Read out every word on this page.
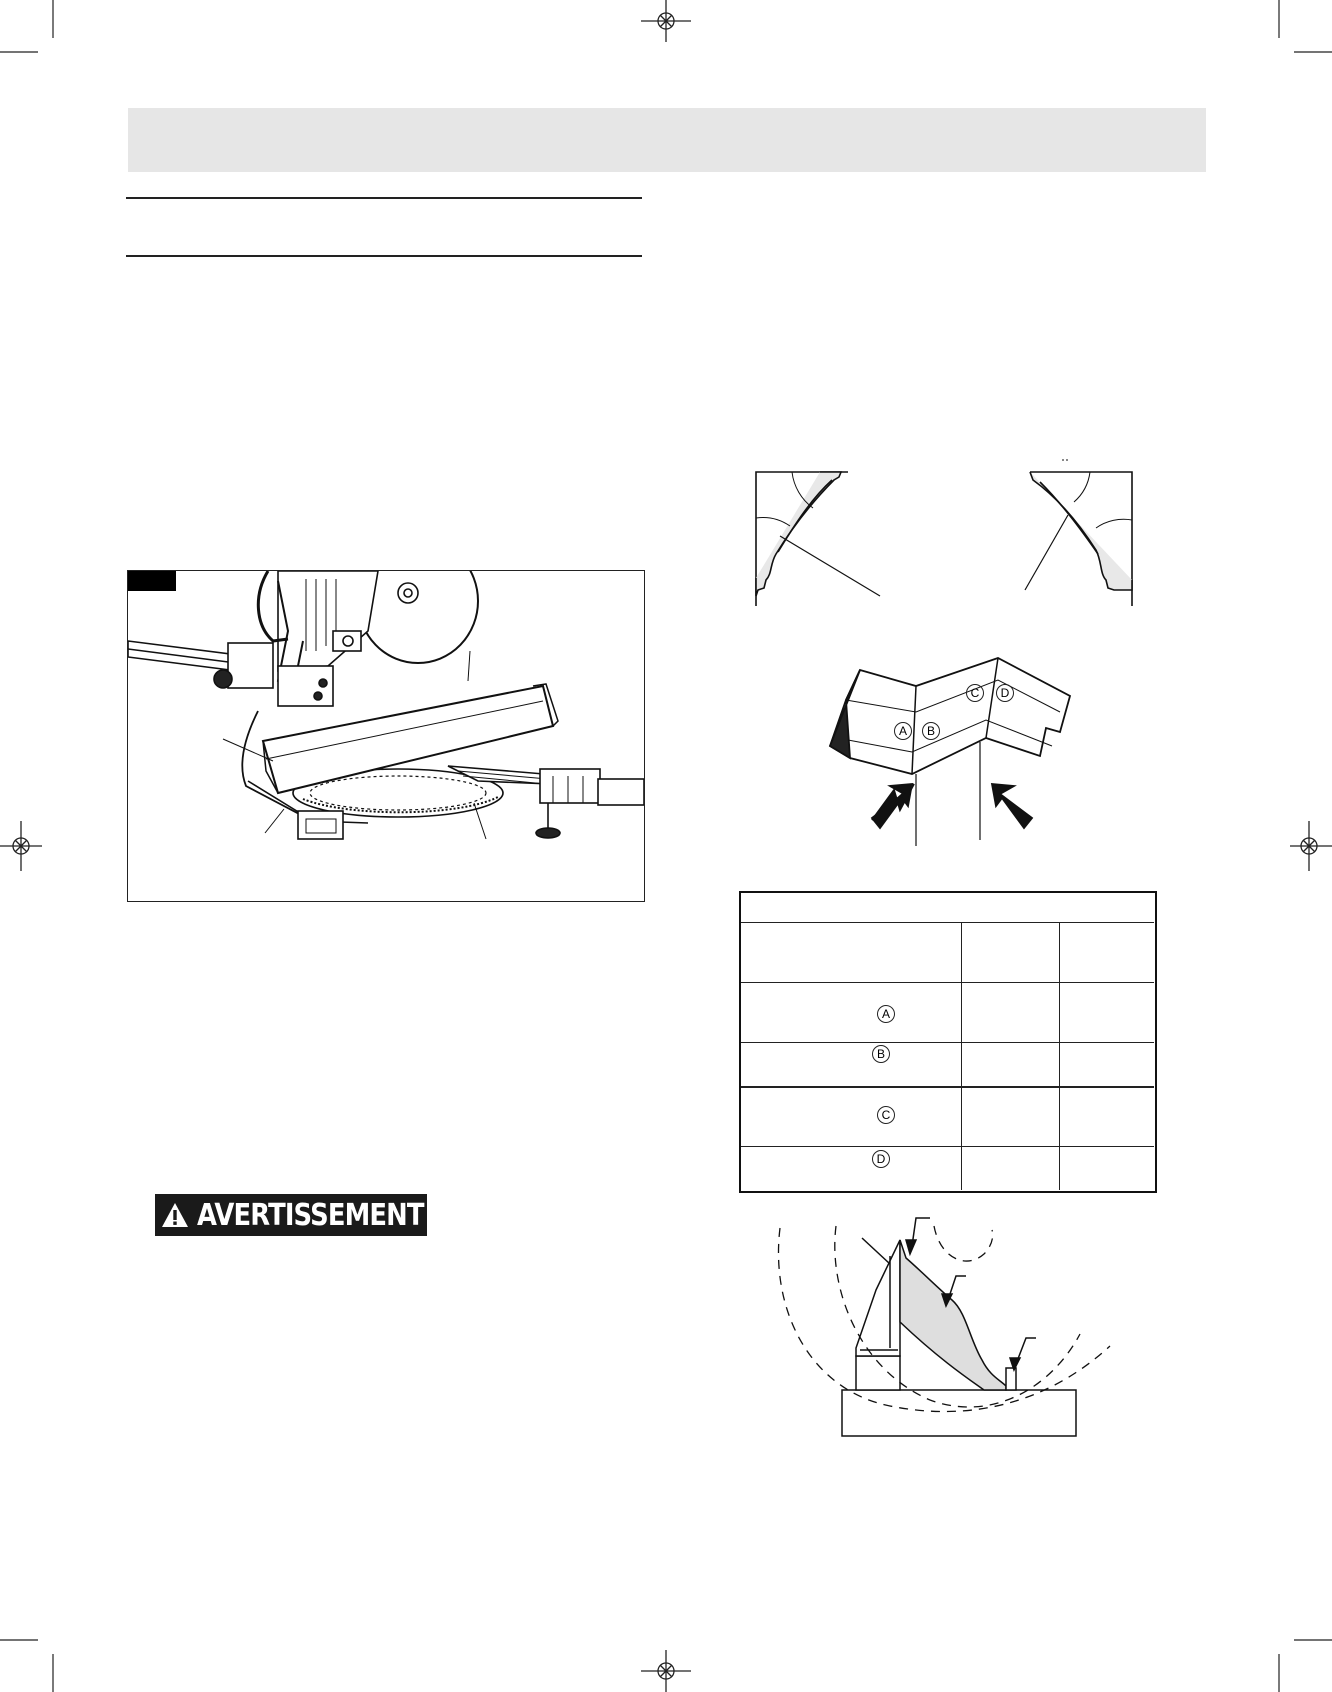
A	B
C	D
A
B
C
D
AVERTISSEMENT
